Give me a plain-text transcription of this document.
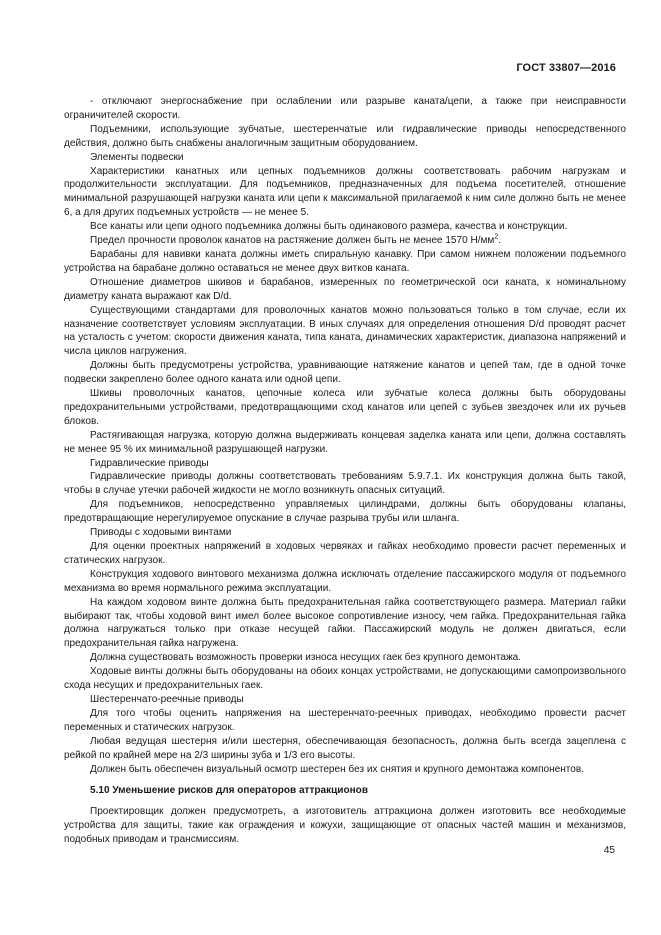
ГОСТ 33807—2016

- отключают энергоснабжение при ослаблении или разрыве каната/цепи, а также при неисправности ограничителей скорости.

Подъемники, использующие зубчатые, шестеренчатые или гидравлические приводы непосредственного действия, должно быть снабжены аналогичным защитным оборудованием.

Элементы подвески

Характеристики канатных или цепных подъемников должны соответствовать рабочим нагрузкам и продолжительности эксплуатации. Для подъемников, предназначенных для подъема посетителей, отношение минимальной разрушающей нагрузки каната или цепи к максимальной прилагаемой к ним силе должно быть не менее 6, а для других подъемных устройств — не менее 5.

Все канаты или цепи одного подъемника должны быть одинакового размера, качества и конструкции.

Предел прочности проволок канатов на растяжение должен быть не менее 1570 $Н/мм^2$.

Барабаны для навивки каната должны иметь спиральную канавку. При самом нижнем положении подъемного устройства на барабане должно оставаться не менее двух витков каната.

Отношение диаметров шкивов и барабанов, измеренных по геометрической оси каната, к номинальному диаметру каната выражают как D/d.

Существующими стандартами для проволочных канатов можно пользоваться только в том случае, если их назначение соответствует условиям эксплуатации. В иных случаях для определения отношения D/d проводят расчет на усталость с учетом: скорости движения каната, типа каната, динамических характеристик, диапазона напряжений и числа циклов нагружения.

Должны быть предусмотрены устройства, уравнивающие натяжение канатов и цепей там, где в одной точке подвески закреплено более одного каната или одной цепи.

Шкивы проволочных канатов, цепочные колеса или зубчатые колеса должны быть оборудованы предохранительными устройствами, предотвращающими сход канатов или цепей с зубьев звездочек или их ручьев блоков.

Растягивающая нагрузка, которую должна выдерживать концевая заделка каната или цепи, должна составлять не менее 95 % их минимальной разрушающей нагрузки.

Гидравлические приводы

Гидравлические приводы должны соответствовать требованиям 5.9.7.1. Их конструкция должна быть такой, чтобы в случае утечки рабочей жидкости не могло возникнуть опасных ситуаций.

Для подъемников, непосредственно управляемых цилиндрами, должны быть оборудованы клапаны, предотвращающие нерегулируемое опускание в случае разрыва трубы или шланга.

Приводы с ходовыми винтами

Для оценки проектных напряжений в ходовых червяках и гайках необходимо провести расчет переменных и статических нагрузок.

Конструкция ходового винтового механизма должна исключать отделение пассажирского модуля от подъемного механизма во время нормального режима эксплуатации.

На каждом ходовом винте должна быть предохранительная гайка соответствующего размера. Материал гайки выбирают так, чтобы ходовой винт имел более высокое сопротивление износу, чем гайка. Предохранительная гайка должна нагружаться только при отказе несущей гайки. Пассажирский модуль не должен двигаться, если предохранительная гайка нагружена.

Должна существовать возможность проверки износа несущих гаек без крупного демонтажа.

Ходовые винты должны быть оборудованы на обоих концах устройствами, не допускающими самопроизвольного схода несущих и предохранительных гаек.

Шестеренчато-реечные приводы

Для того чтобы оценить напряжения на шестеренчато-реечных приводах, необходимо провести расчет переменных и статических нагрузок.

Любая ведущая шестерня и/или шестерня, обеспечивающая безопасность, должна быть всегда зацеплена с рейкой по крайней мере на 2/3 ширины зуба и 1/3 его высоты.

Должен быть обеспечен визуальный осмотр шестерен без их снятия и крупного демонтажа компонентов.

5.10 Уменьшение рисков для операторов аттракционов

Проектировщик должен предусмотреть, а изготовитель аттракциона должен изготовить все необходимые устройства для защиты, такие как ограждения и кожухи, защищающие от опасных частей машин и механизмов, подобных приводам и трансмиссиям.

45
